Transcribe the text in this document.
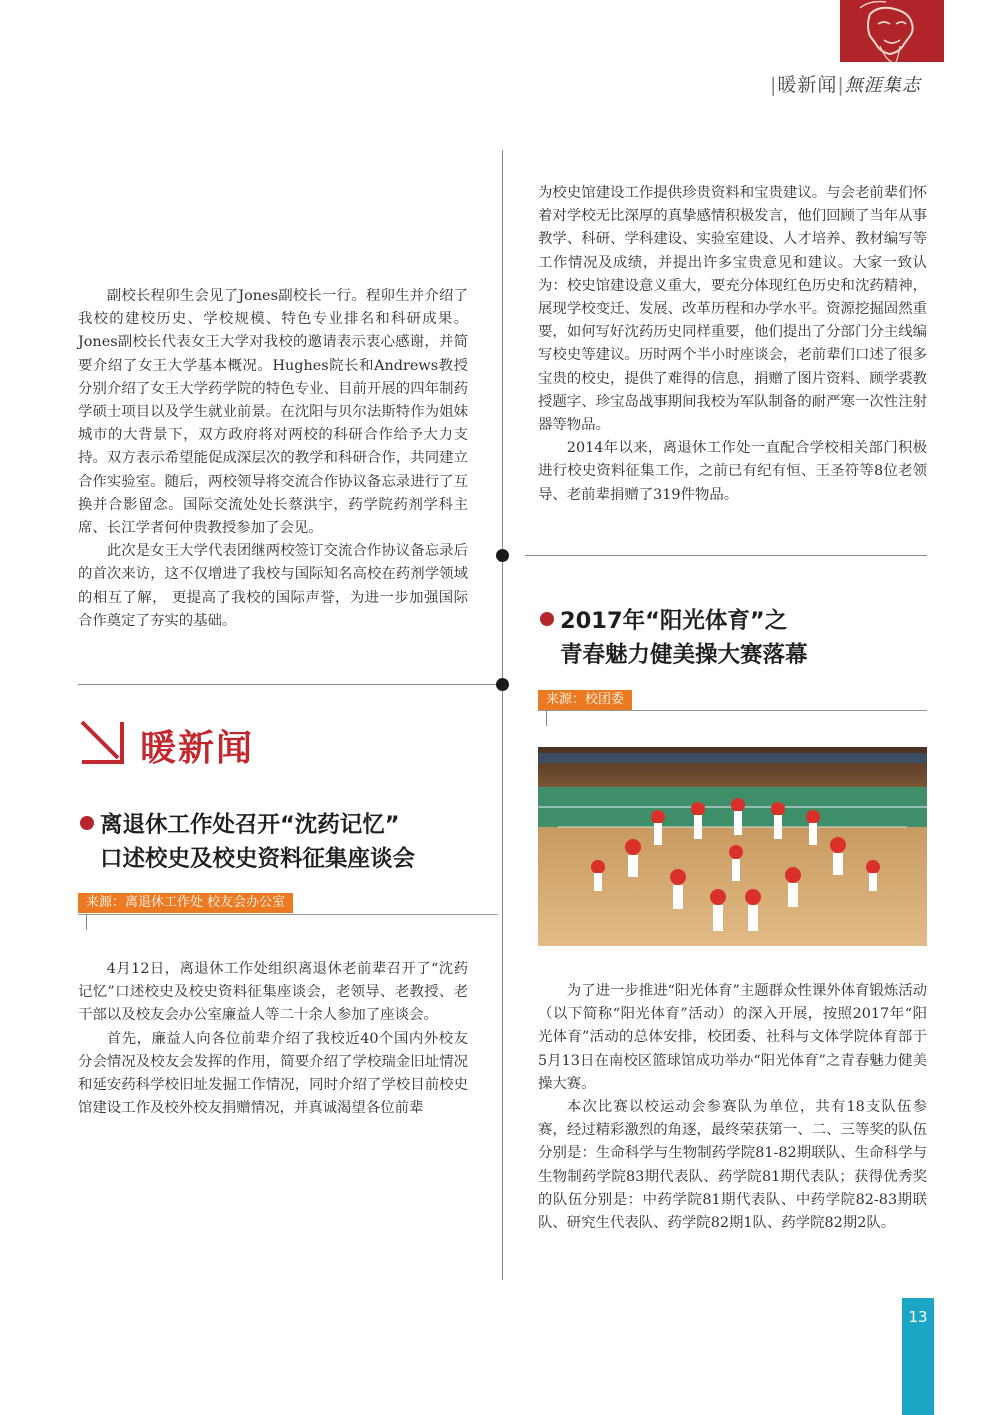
|暖新闻|無涯集志

副校长程卯生会见了Jones副校长一行。程卯生并介绍了我校的建校历史、学校规模、特色专业排名和科研成果。Jones副校长代表女王大学对我校的邀请表示衷心感谢，并简要介绍了女王大学基本概况。Hughes院长和Andrews教授分别介绍了女王大学药学院的特色专业、目前开展的四年制药学硕士项目以及学生就业前景。在沈阳与贝尔法斯特作为姐妹城市的大背景下，双方政府将对两校的科研合作给予大力支持。双方表示希望能促成深层次的教学和科研合作，共同建立合作实验室。随后，两校领导将交流合作协议备忘录进行了互换并合影留念。国际交流处处长蔡洪宇，药学院药剂学科主席、长江学者何仲贵教授参加了会见。

此次是女王大学代表团继两校签订交流合作协议备忘录后的首次来访，这不仅增进了我校与国际知名高校在药剂学领域的相互了解， 更提高了我校的国际声誉，为进一步加强国际合作奠定了夯实的基础。

为校史馆建设工作提供珍贵资料和宝贵建议。与会老前辈们怀着对学校无比深厚的真挚感情积极发言，他们回顾了当年从事教学、科研、学科建设、实验室建设、人才培养、教材编写等工作情况及成绩，并提出许多宝贵意见和建议。大家一致认为：校史馆建设意义重大，要充分体现红色历史和沈药精神，展现学校变迁、发展、改革历程和办学水平。资源挖掘固然重要，如何写好沈药历史同样重要，他们提出了分部门分主线编写校史等建议。历时两个半小时座谈会，老前辈们口述了很多宝贵的校史，提供了难得的信息，捐赠了图片资料、顾学裘教授题字、珍宝岛战事期间我校为军队制备的耐严寒一次性注射器等物品。

2014年以来，离退休工作处一直配合学校相关部门积极进行校史资料征集工作，之前已有纪有恒、王圣符等8位老领导、老前辈捐赠了319件物品。

暖新闻
离退休工作处召开“沈药记忆”
口述校史及校史资料征集座谈会
来源：离退休工作处 校友会办公室

4月12日，离退休工作处组织离退休老前辈召开了“沈药记忆”口述校史及校史资料征集座谈会，老领导、老教授、老干部以及校友会办公室廉益人等二十余人参加了座谈会。

首先，廉益人向各位前辈介绍了我校近40个国内外校友分会情况及校友会发挥的作用，简要介绍了学校瑞金旧址情况和延安药科学校旧址发掘工作情况，同时介绍了学校目前校史馆建设工作及校外校友捐赠情况，并真诚渴望各位前辈

2017年“阳光体育”之
青春魅力健美操大赛落幕
来源：校团委

为了进一步推进“阳光体育”主题群众性课外体育锻炼活动（以下简称“阳光体育”活动）的深入开展，按照2017年“阳光体育”活动的总体安排，校团委、社科与文体学院体育部于5月13日在南校区篮球馆成功举办“阳光体育”之青春魅力健美操大赛。

本次比赛以校运动会参赛队为单位，共有18支队伍参赛，经过精彩激烈的角逐，最终荣获第一、二、三等奖的队伍分别是：生命科学与生物制药学院81-82期联队、生命科学与生物制药学院83期代表队、药学院81期代表队；获得优秀奖的队伍分别是：中药学院81期代表队、中药学院82-83期联队、研究生代表队、药学院82期1队、药学院82期2队。

13
